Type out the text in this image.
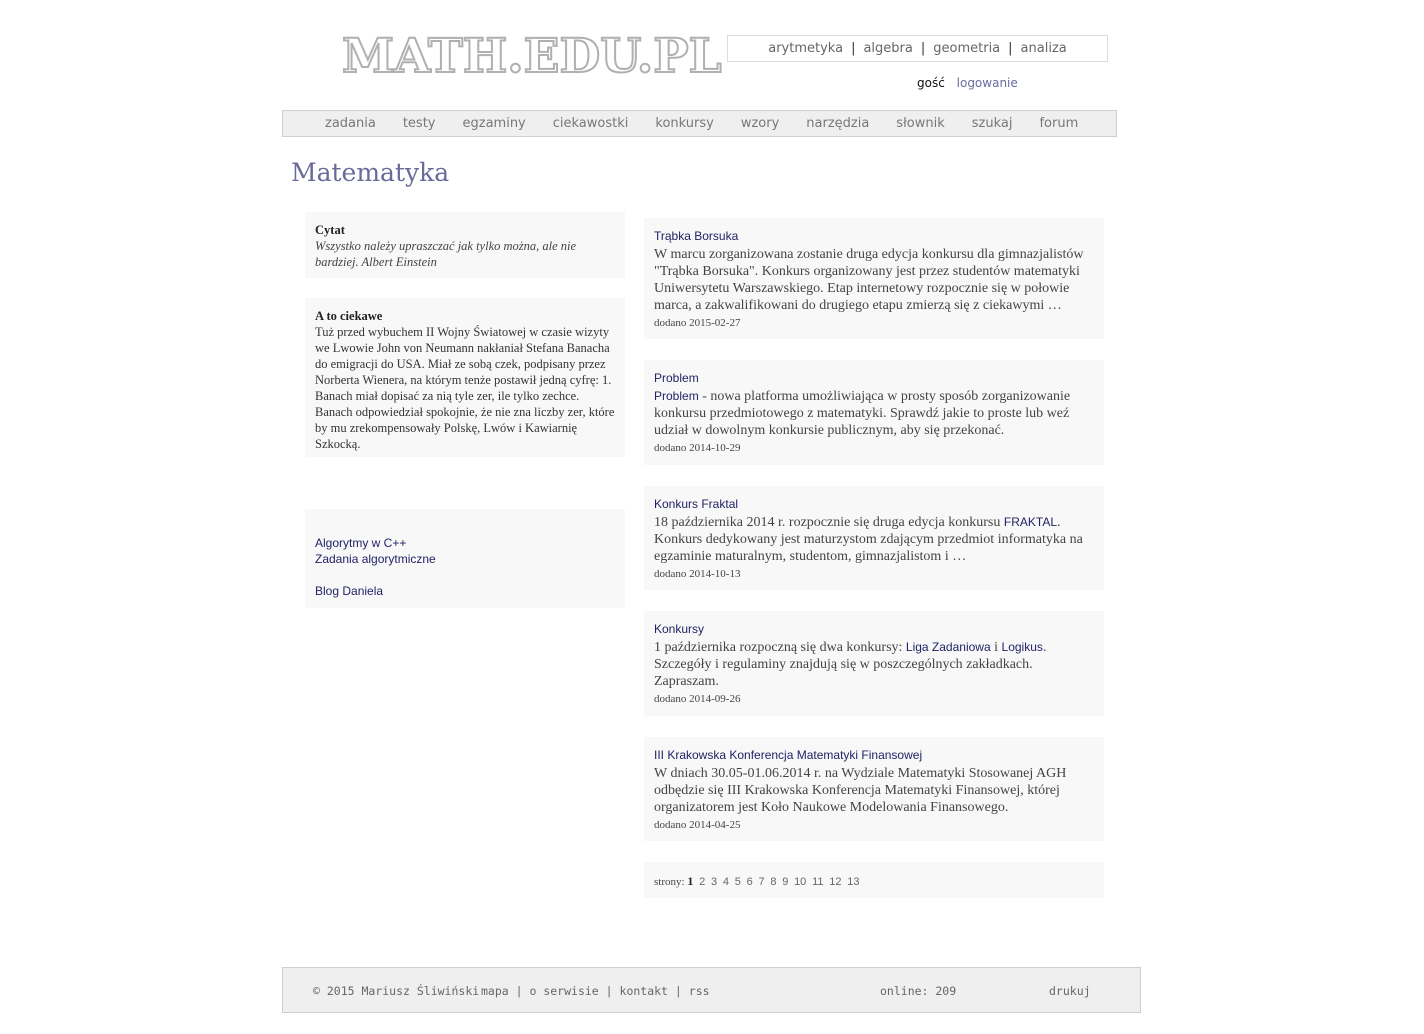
MATH.EDU.PL	arytmetyka | algebra | geometria | analiza
gość logowanie
zadania testy egzaminy ciekawostki konkursy wzory narzędzia słownik szukaj forum
Matematyka
Cytat
Wszystko należy upraszczać jak tylko można, ale nie bardziej. Albert Einstein
A to ciekawe
Tuż przed wybuchem II Wojny Światowej w czasie wizyty we Lwowie John von Neumann nakłaniał Stefana Banacha do emigracji do USA. Miał ze sobą czek, podpisany przez Norberta Wienera, na którym tenże postawił jedną cyfrę: 1. Banach miał dopisać za nią tyle zer, ile tylko zechce. Banach odpowiedział spokojnie, że nie zna liczby zer, które by mu zrekompensowały Polskę, Lwów i Kawiarnię Szkocką.
Algorytmy w C++
Zadania algorytmiczne
Blog Daniela
Trąbka Borsuka
W marcu zorganizowana zostanie druga edycja konkursu dla gimnazjalistów "Trąbka Borsuka". Konkurs organizowany jest przez studentów matematyki Uniwersytetu Warszawskiego. Etap internetowy rozpocznie się w połowie marca, a zakwalifikowani do drugiego etapu zmierzą się z ciekawymi …
dodano 2015-02-27
Problem
Problem - nowa platforma umożliwiająca w prosty sposób zorganizowanie konkursu przedmiotowego z matematyki. Sprawdź jakie to proste lub weź udział w dowolnym konkursie publicznym, aby się przekonać.
dodano 2014-10-29
Konkurs Fraktal
18 października 2014 r. rozpocznie się druga edycja konkursu FRAKTAL. Konkurs dedykowany jest maturzystom zdającym przedmiot informatyka na egzaminie maturalnym, studentom, gimnazjalistom i …
dodano 2014-10-13
Konkursy
1 października rozpoczną się dwa konkursy: Liga Zadaniowa i Logikus. Szczegóły i regulaminy znajdują się w poszczególnych zakładkach. Zapraszam.
dodano 2014-09-26
III Krakowska Konferencja Matematyki Finansowej
W dniach 30.05-01.06.2014 r. na Wydziale Matematyki Stosowanej AGH odbędzie się III Krakowska Konferencja Matematyki Finansowej, której organizatorem jest Koło Naukowe Modelowania Finansowego.
dodano 2014-04-25
strony: 1 2 3 4 5 6 7 8 9 10 11 12 13
© 2015 Mariusz Śliwiński mapa | o serwisie | kontakt | rss	online: 209	drukuj
